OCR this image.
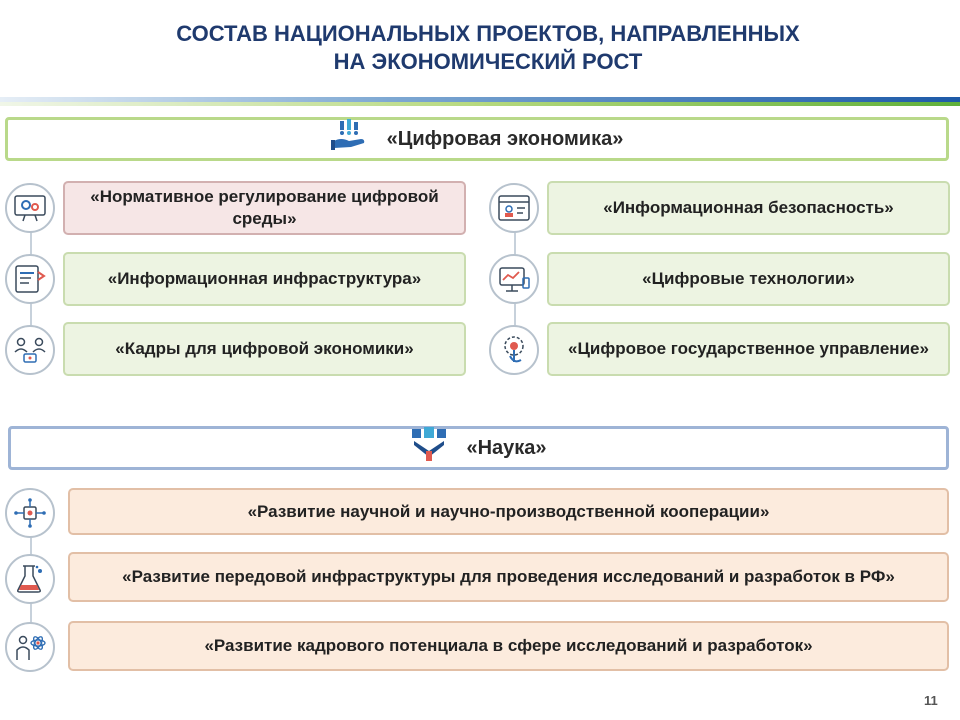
СОСТАВ НАЦИОНАЛЬНЫХ ПРОЕКТОВ, НАПРАВЛЕННЫХ
НА ЭКОНОМИЧЕСКИЙ РОСТ
«Цифровая экономика»
«Нормативное регулирование цифровой среды»
«Информационная инфраструктура»
«Кадры для цифровой экономики»
«Информационная безопасность»
«Цифровые технологии»
«Цифровое государственное управление»
«Наука»
«Развитие научной и научно-производственной кооперации»
«Развитие передовой инфраструктуры для проведения исследований и разработок в РФ»
«Развитие кадрового потенциала в сфере исследований и разработок»
11
